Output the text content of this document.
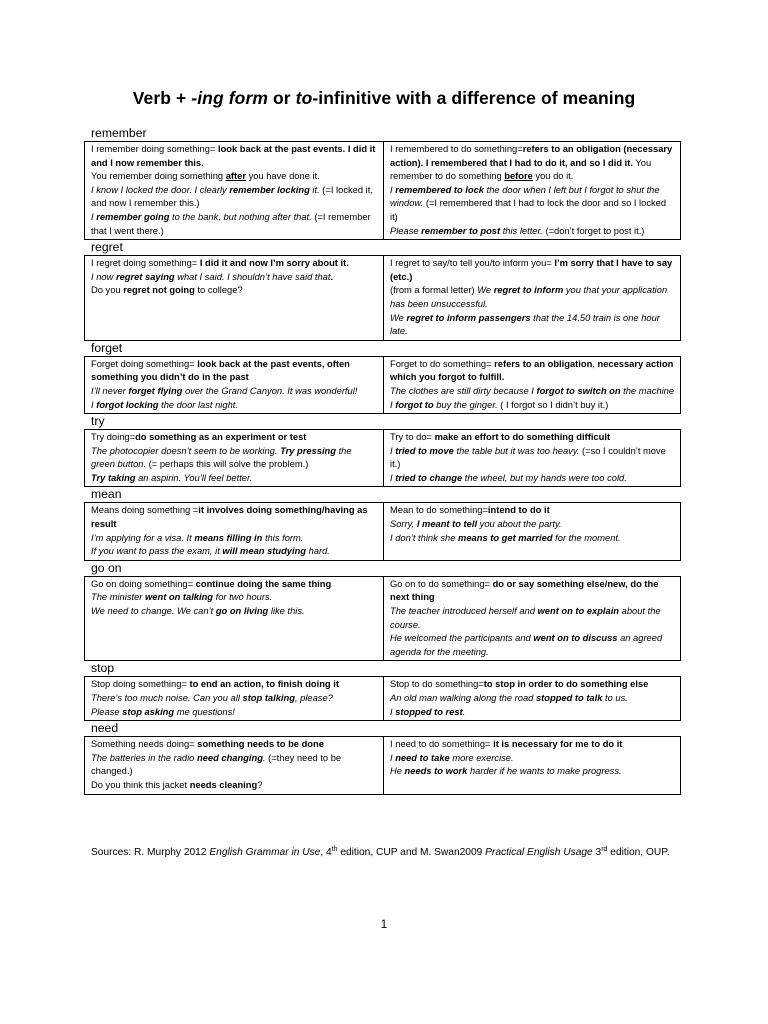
Verb + -ing form or to-infinitive with a difference of meaning
remember
I remember doing something= look back at the past events. I did it and I now remember this.
You remember doing something after you have done it.
I know I locked the door. I clearly remember locking it. (=I locked it, and now I remember this.)
I remember going to the bank, but nothing after that. (=I remember that I went there.)

I remembered to do something=refers to an obligation (necessary action). I remembered that I had to do it, and so I did it. You remember to do something before you do it.
I remembered to lock the door when I left but I forgot to shut the window. (=I remembered that I had to lock the door and so I locked it)
Please remember to post this letter. (=don’t forget to post it.)
regret
I regret doing something= I did it and now I’m sorry about it.
I now regret saying what I said. I shouldn’t have said that.
Do you regret not going to college?

I regret to say/to tell you/to inform you= I’m sorry that I have to say (etc.)
(from a formal letter) We regret to inform you that your application has been unsuccessful.
We regret to inform passengers that the 14.50 train is one hour late.
forget
Forget doing something= look back at the past events, often something you didn’t do in the past
I’ll never forget flying over the Grand Canyon. It was wonderful!
I forgot locking the door last night.

Forget to do something= refers to an obligation, necessary action which you forgot to fulfill.
The clothes are still dirty because I forgot to switch on the machine
I forgot to buy the ginger. ( I forgot so I didn’t buy it.)
try
Try doing=do something as an experiment or test
The photocopier doesn’t seem to be working. Try pressing the green button. (= perhaps this will solve the problem.)
Try taking an aspirin. You’ll feel better.

Try to do= make an effort to do something difficult
I tried to move the table but it was too heavy. (=so I couldn’t move it.)
I tried to change the wheel, but my hands were too cold.
mean
Means doing something =it involves doing something/having as result
I’m applying for a visa. It means filling in this form.
If you want to pass the exam, it will mean studying hard.

Mean to do something=intend to do it
Sorry, I meant to tell you about the party.
I don’t think she means to get married for the moment.
go on
Go on doing something= continue doing the same thing
The minister went on talking for two hours.
We need to change. We can’t go on living like this.

Go on to do something= do or say something else/new, do the next thing
The teacher introduced herself and went on to explain about the course.
He welcomed the participants and went on to discuss an agreed agenda for the meeting.
stop
Stop doing something= to end an action, to finish doing it
There’s too much noise. Can you all stop talking, please?
Please stop asking me questions!

Stop to do something=to stop in order to do something else
An old man walking along the road stopped to talk to us.
I stopped to rest.
need
Something needs doing= something needs to be done
The batteries in the radio need changing. (=they need to be changed.)
Do you think this jacket needs cleaning?

I need to do something= it is necessary for me to do it
I need to take more exercise.
He needs to work harder if he wants to make progress.
Sources: R. Murphy 2012 English Grammar in Use, 4th edition, CUP and M. Swan2009 Practical English Usage 3rd edition, OUP.
1
